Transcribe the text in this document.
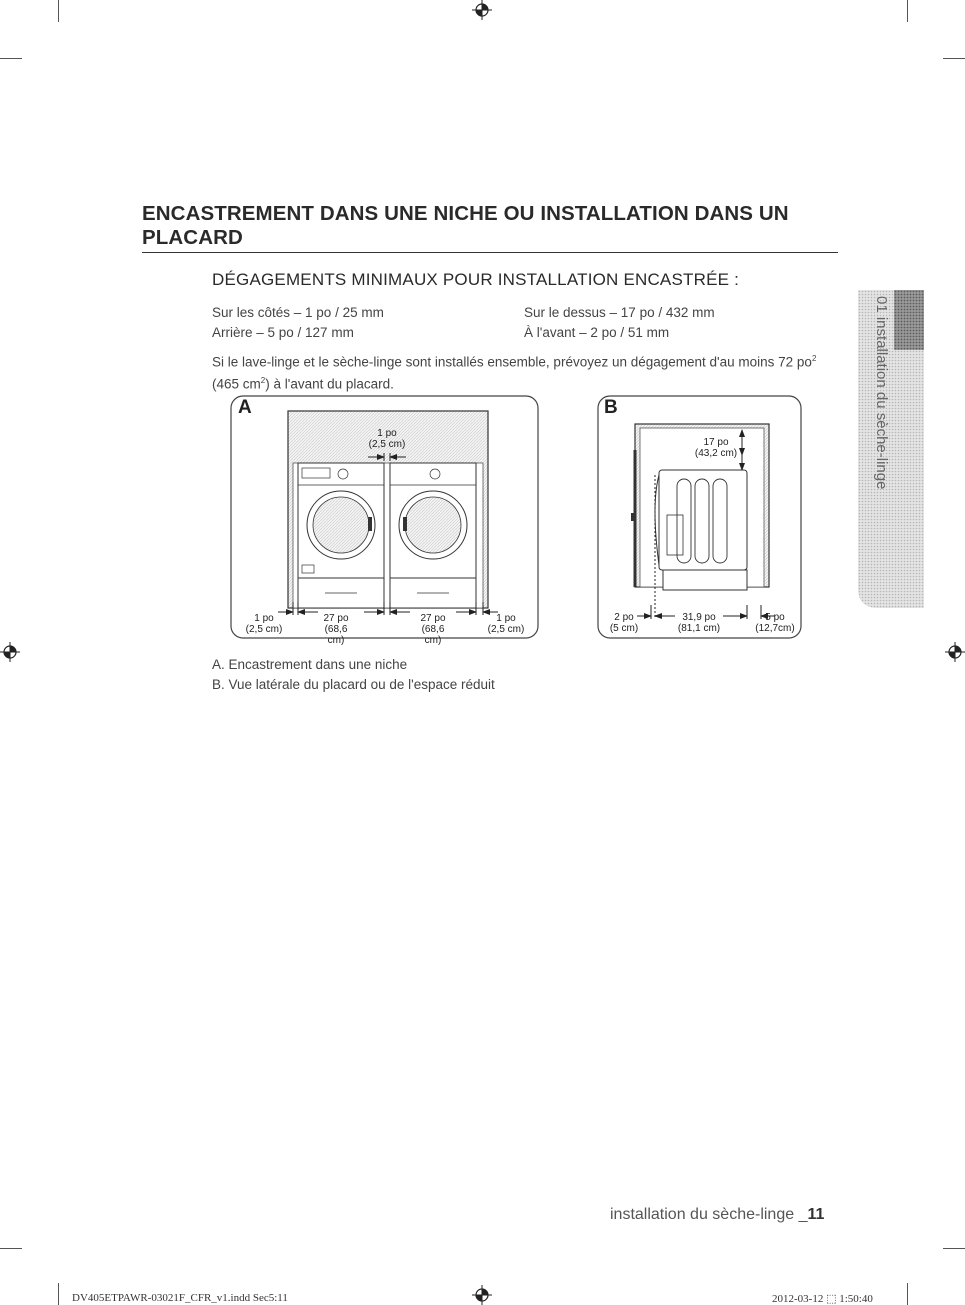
ENCASTREMENT DANS UNE NICHE OU INSTALLATION DANS UN PLACARD
DÉGAGEMENTS MINIMAUX POUR INSTALLATION ENCASTRÉE :
Sur les côtés – 1 po / 25 mm	Sur le dessus – 17 po / 432 mm
Arrière – 5 po / 127 mm	À l'avant – 2 po / 51 mm
Si le lave-linge et le sèche-linge sont installés ensemble, prévoyez un dégagement d'au moins 72 $po^2$ (465 $cm^2$) à l'avant du placard.
A
1 po
(2,5 cm)
1 po
(2,5 cm)
27 po
(68,6 cm)
27 po
(68,6 cm)
1 po
(2,5 cm)
B
17 po
(43,2 cm)
2 po
(5 cm)
31,9 po
(81,1 cm)
5 po
(12,7cm)
A. Encastrement dans une niche
B. Vue latérale du placard ou de l'espace réduit
01 installation du sèche-linge
installation du sèche-linge _11
DV405ETPAWR-03021F_CFR_v1.indd Sec5:11	2012-03-12 ⬚ 1:50:40
